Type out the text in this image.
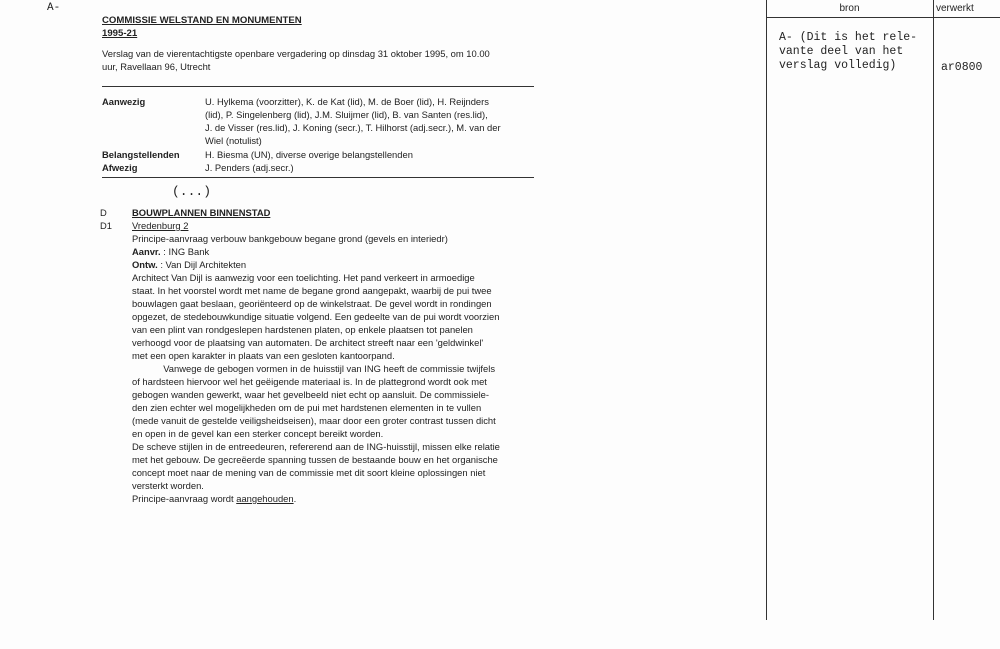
A-
COMMISSIE WELSTAND EN MONUMENTEN
1995-21
Verslag van de vierentachtigste openbare vergadering op dinsdag 31 oktober 1995, om 10.00
uur, Ravellaan 96, Utrecht
Aanwezig	U. Hylkema (voorzitter), K. de Kat (lid), M. de Boer (lid), H. Reijnders
(lid), P. Singelenberg (lid), J.M. Sluijmer (lid), B. van Santen (res.lid),
J. de Visser (res.lid), J. Koning (secr.), T. Hilhorst (adj.secr.), M. van der
Wiel (notulist)
Belangstellenden	H. Biesma (UN), diverse overige belangstellenden
Afwezig	J. Penders (adj.secr.)
(...)
D	BOUWPLANNEN BINNENSTAD
D1 Vredenburg 2
Principe-aanvraag verbouw bankgebouw begane grond (gevels en interiedr)
Aanvr. : ING Bank
Ontw. : Van Dijl Architekten
Architect Van Dijl is aanwezig voor een toelichting. Het pand verkeert in armoedige
staat. In het voorstel wordt met name de begane grond aangepakt, waarbij de pui twee
bouwlagen gaat beslaan, georiënteerd op de winkelstraat. De gevel wordt in rondingen
opgezet, de stedebouwkundige situatie volgend. Een gedeelte van de pui wordt voorzien
van een plint van rondgeslepen hardstenen platen, op enkele plaatsen tot panelen
verhoogd voor de plaatsing van automaten. De architect streeft naar een 'geldwinkel'
met een open karakter in plaats van een gesloten kantoorpand.
Vanwege de gebogen vormen in de huisstijl van ING heeft de commissie twijfels
of hardsteen hiervoor wel het geëigende materiaal is. In de plattegrond wordt ook met
gebogen wanden gewerkt, waar het gevelbeeld niet echt op aansluit. De commissiele-
den zien echter wel mogelijkheden om de pui met hardstenen elementen in te vullen
(mede vanuit de gestelde veiligsheidseisen), maar door een groter contrast tussen dicht
en open in de gevel kan een sterker concept bereikt worden.
De scheve stijlen in de entreedeuren, refererend aan de ING-huisstijl, missen elke relatie
met het gebouw. De gecreëerde spanning tussen de bestaande bouw en het organische
concept moet naar de mening van de commissie met dit soort kleine oplossingen niet
versterkt worden.
Principe-aanvraag wordt aangehouden.
bron	verwerkt
A- (Dit is het rele-
vante deel van het
verslag volledig)	ar0800
